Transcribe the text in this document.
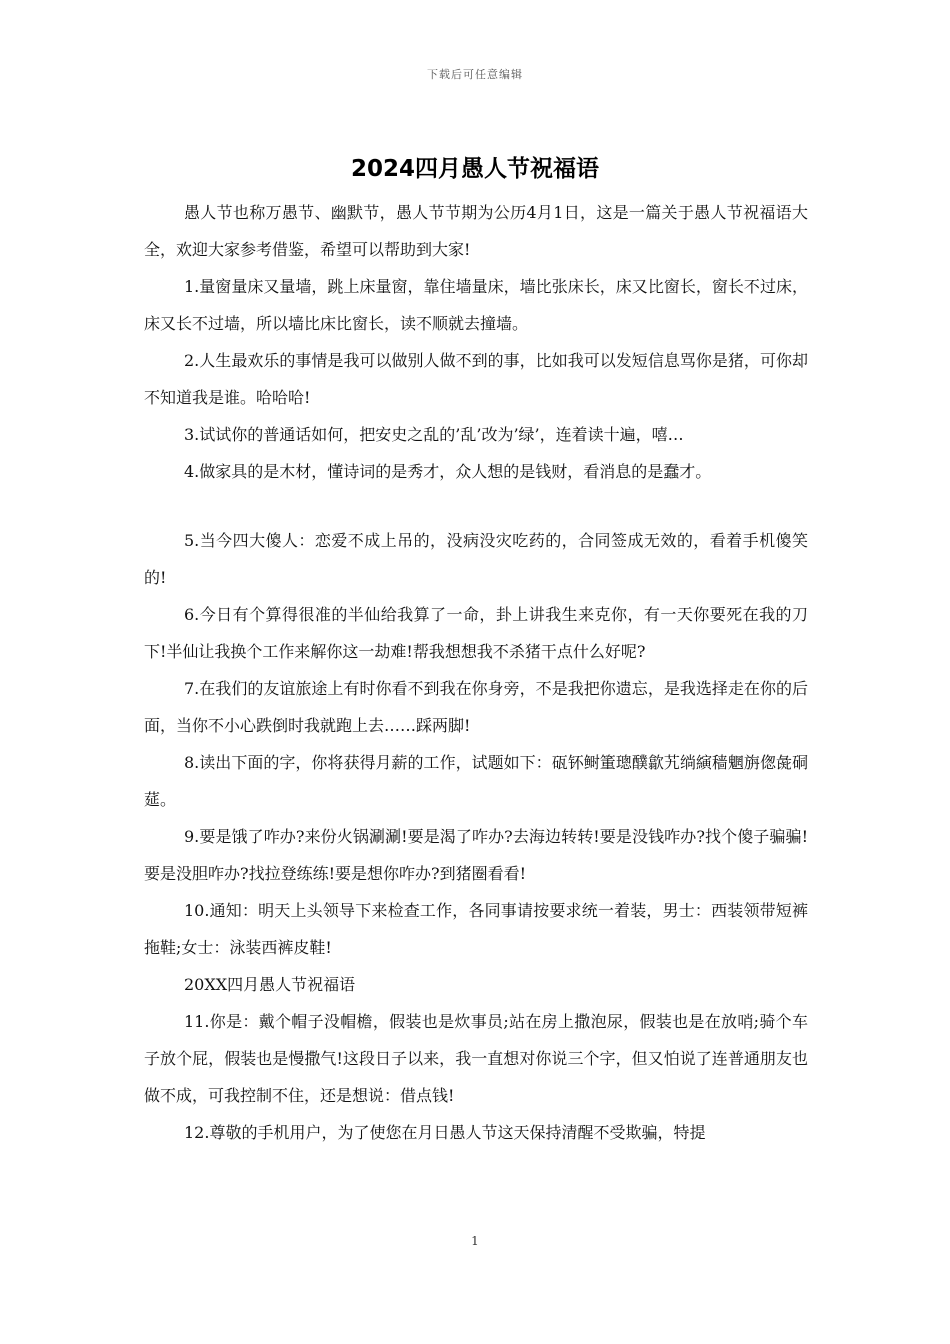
下载后可任意编辑
2024四月愚人节祝福语

愚人节也称万愚节、幽默节，愚人节节期为公历4月1日，这是一篇关于愚人节祝福语大全，欢迎大家参考借鉴，希望可以帮助到大家!

1.量窗量床又量墙，跳上床量窗，靠住墙量床，墙比张床长，床又比窗长，窗长不过床，床又长不过墙，所以墙比床比窗长，读不顺就去撞墙。

2.人生最欢乐的事情是我可以做别人做不到的事，比如我可以发短信息骂你是猪，可你却不知道我是谁。哈哈哈!

3.试试你的普通话如何，把安史之乱的’乱’改为’绿’，连着读十遍，嘻…

4.做家具的是木材，懂诗词的是秀才，众人想的是钱财，看消息的是蠢才。

5.当今四大傻人：恋爱不成上吊的，没病没灾吃药的，合同签成无效的，看着手机傻笑的!

6.今日有个算得很准的半仙给我算了一命，卦上讲我生来克你，有一天你要死在我的刀下!半仙让我换个工作来解你这一劫难!帮我想想我不杀猪干点什么好呢?

7.在我们的友谊旅途上有时你看不到我在你身旁，不是我把你遗忘，是我选择走在你的后面，当你不小心跌倒时我就跑上去……踩两脚!

8.读出下面的字，你将获得月薪的工作，试题如下：砙钚鲥箽璁醭歙艽绱縯穑魍旃偬彘硐莚。

9.要是饿了咋办?来份火锅涮涮!要是渴了咋办?去海边转转!要是没钱咋办?找个傻子骗骗!要是没胆咋办?找拉登练练!要是想你咋办?到猪圈看看!

10.通知：明天上头领导下来检查工作，各同事请按要求统一着装，男士：西装领带短裤拖鞋;女士：泳装西裤皮鞋!

20XX四月愚人节祝福语

11.你是：戴个帽子没帽檐，假装也是炊事员;站在房上撒泡尿，假装也是在放哨;骑个车子放个屁，假装也是慢撒气!这段日子以来，我一直想对你说三个字，但又怕说了连普通朋友也做不成，可我控制不住，还是想说：借点钱!

12.尊敬的手机用户，为了使您在月日愚人节这天保持清醒不受欺骗，特提

1
